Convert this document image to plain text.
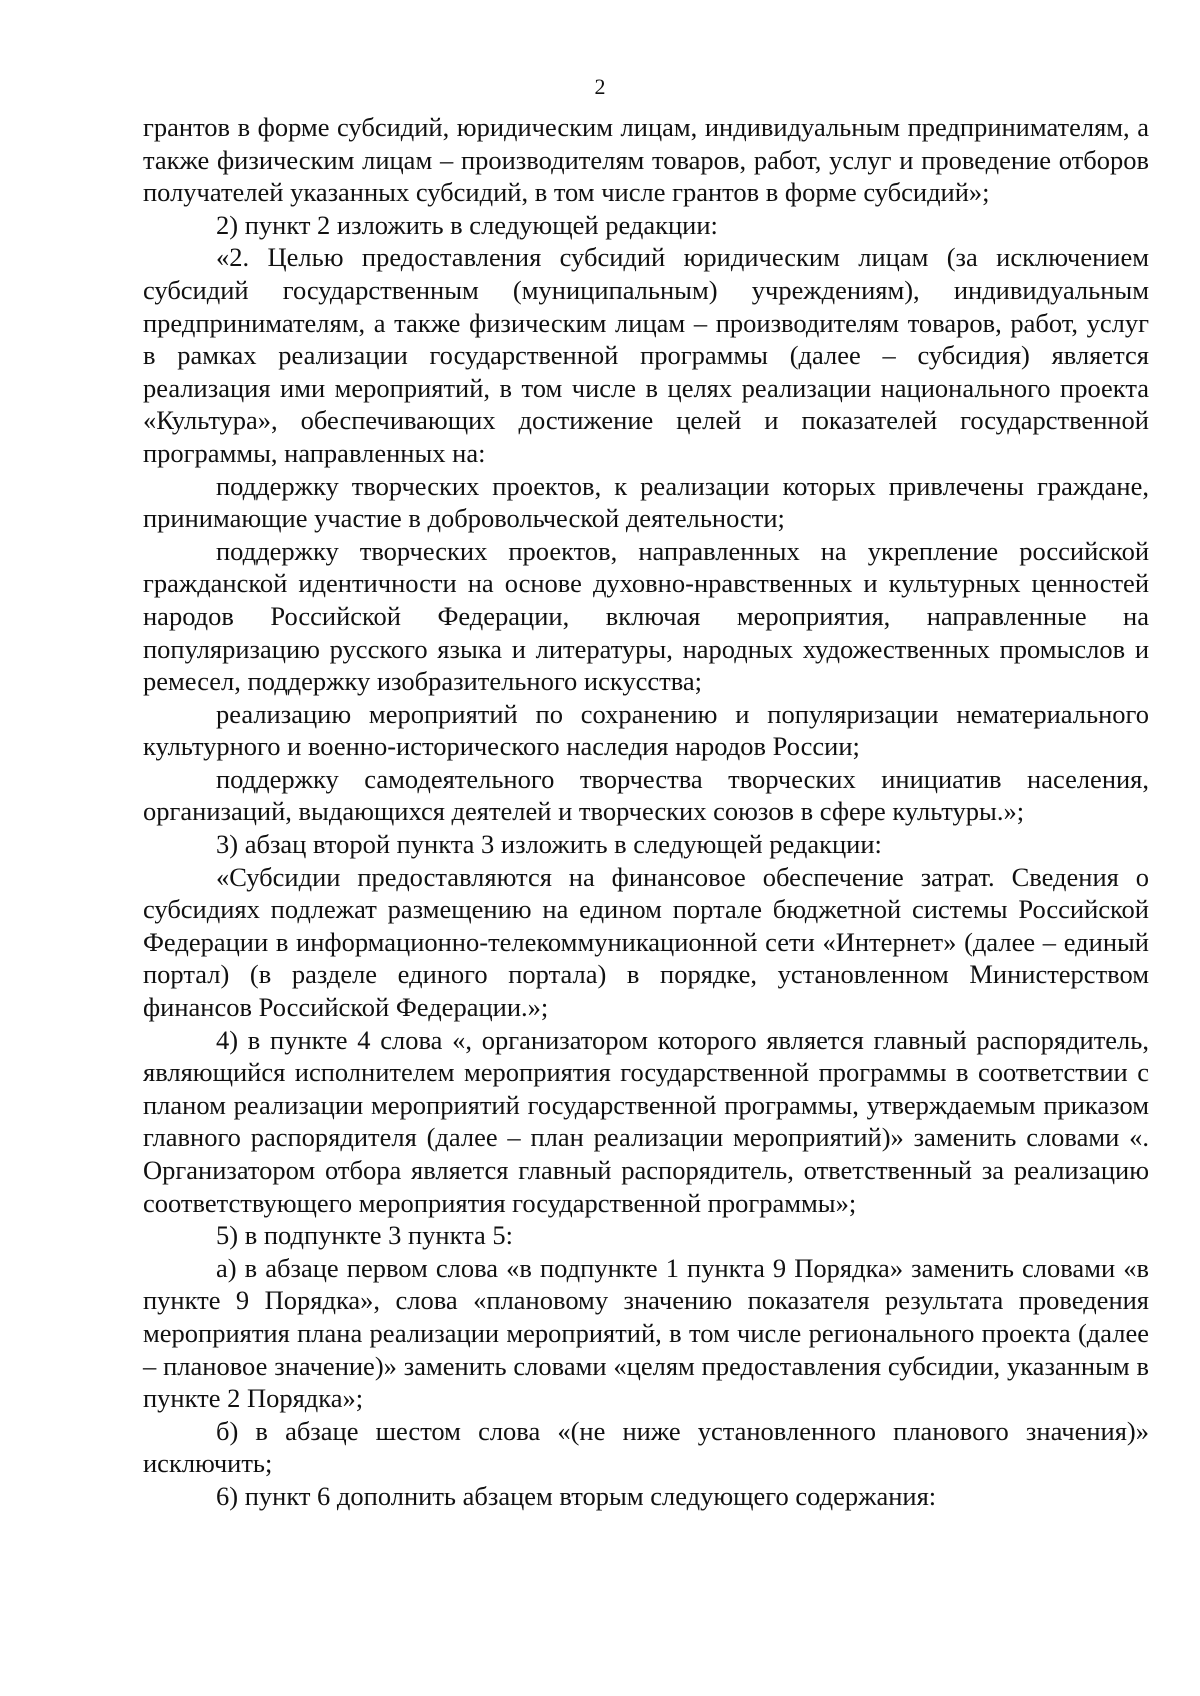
2

грантов в форме субсидий, юридическим лицам, индивидуальным предпринимателям, а также физическим лицам – производителям товаров, работ, услуг и проведение отборов получателей указанных субсидий, в том числе грантов в форме субсидий»;

2) пункт 2 изложить в следующей редакции:

«2. Целью предоставления субсидий юридическим лицам (за исключением субсидий государственным (муниципальным) учреждениям), индивидуальным предпринимателям, а также физическим лицам – производителям товаров, работ, услуг в рамках реализации государственной программы (далее – субсидия) является реализация ими мероприятий, в том числе в целях реализации национального проекта «Культура», обеспечивающих достижение целей и показателей государственной программы, направленных на:

поддержку творческих проектов, к реализации которых привлечены граждане, принимающие участие в добровольческой деятельности;

поддержку творческих проектов, направленных на укрепление российской гражданской идентичности на основе духовно-нравственных и культурных ценностей народов Российской Федерации, включая мероприятия, направленные на популяризацию русского языка и литературы, народных художественных промыслов и ремесел, поддержку изобразительного искусства;

реализацию мероприятий по сохранению и популяризации нематериального культурного и военно-исторического наследия народов России;

поддержку самодеятельного творчества творческих инициатив населения, организаций, выдающихся деятелей и творческих союзов в сфере культуры.»;

3) абзац второй пункта 3 изложить в следующей редакции:

«Субсидии предоставляются на финансовое обеспечение затрат. Сведения о субсидиях подлежат размещению на едином портале бюджетной системы Российской Федерации в информационно-телекоммуникационной сети «Интернет» (далее – единый портал) (в разделе единого портала) в порядке, установленном Министерством финансов Российской Федерации.»;

4) в пункте 4 слова «, организатором которого является главный распорядитель, являющийся исполнителем мероприятия государственной программы в соответствии с планом реализации мероприятий государственной программы, утверждаемым приказом главного распорядителя (далее – план реализации мероприятий)» заменить словами «. Организатором отбора является главный распорядитель, ответственный за реализацию соответствующего мероприятия государственной программы»;

5) в подпункте 3 пункта 5:

а) в абзаце первом слова «в подпункте 1 пункта 9 Порядка» заменить словами «в пункте 9 Порядка», слова «плановому значению показателя результата проведения мероприятия плана реализации мероприятий, в том числе регионального проекта (далее – плановое значение)» заменить словами «целям предоставления субсидии, указанным в пункте 2 Порядка»;

б) в абзаце шестом слова «(не ниже установленного планового значения)» исключить;

6) пункт 6 дополнить абзацем вторым следующего содержания:
